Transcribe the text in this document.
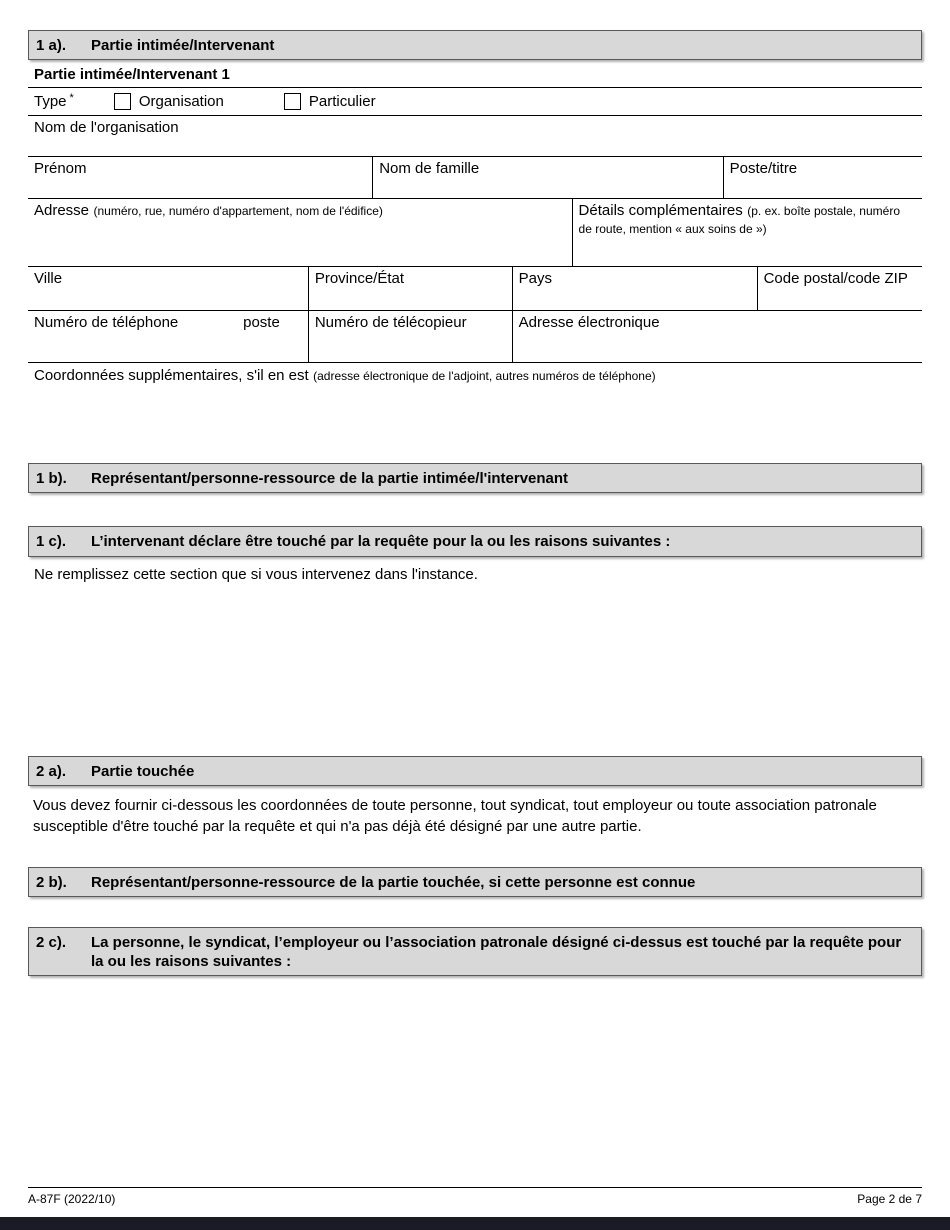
1 a).	Partie intimée/Intervenant
Partie intimée/Intervenant 1
Type *	Organisation	Particulier
Nom de l'organisation
Prénom	Nom de famille	Poste/titre
Adresse (numéro, rue, numéro d'appartement, nom de l'édifice)	Détails complémentaires (p. ex. boîte postale, numéro de route, mention « aux soins de »)
Ville	Province/État	Pays	Code postal/code ZIP
Numéro de téléphone	poste	Numéro de télécopieur	Adresse électronique
Coordonnées supplémentaires, s'il en est (adresse électronique de l'adjoint, autres numéros de téléphone)
1 b).	Représentant/personne-ressource de la partie intimée/l'intervenant
1 c).	L’intervenant déclare être touché par la requête pour la ou les raisons suivantes :
Ne remplissez cette section que si vous intervenez dans l'instance.
2 a).	Partie touchée
Vous devez fournir ci-dessous les coordonnées de toute personne, tout syndicat, tout employeur ou toute association patronale susceptible d'être touché par la requête et qui n'a pas déjà été désigné par une autre partie.
2 b).	Représentant/personne-ressource de la partie touchée, si cette personne est connue
2 c).	La personne, le syndicat, l’employeur ou l’association patronale désigné ci-dessus est touché par la requête pour la ou les raisons suivantes :
A-87F (2022/10)	Page 2 de 7
